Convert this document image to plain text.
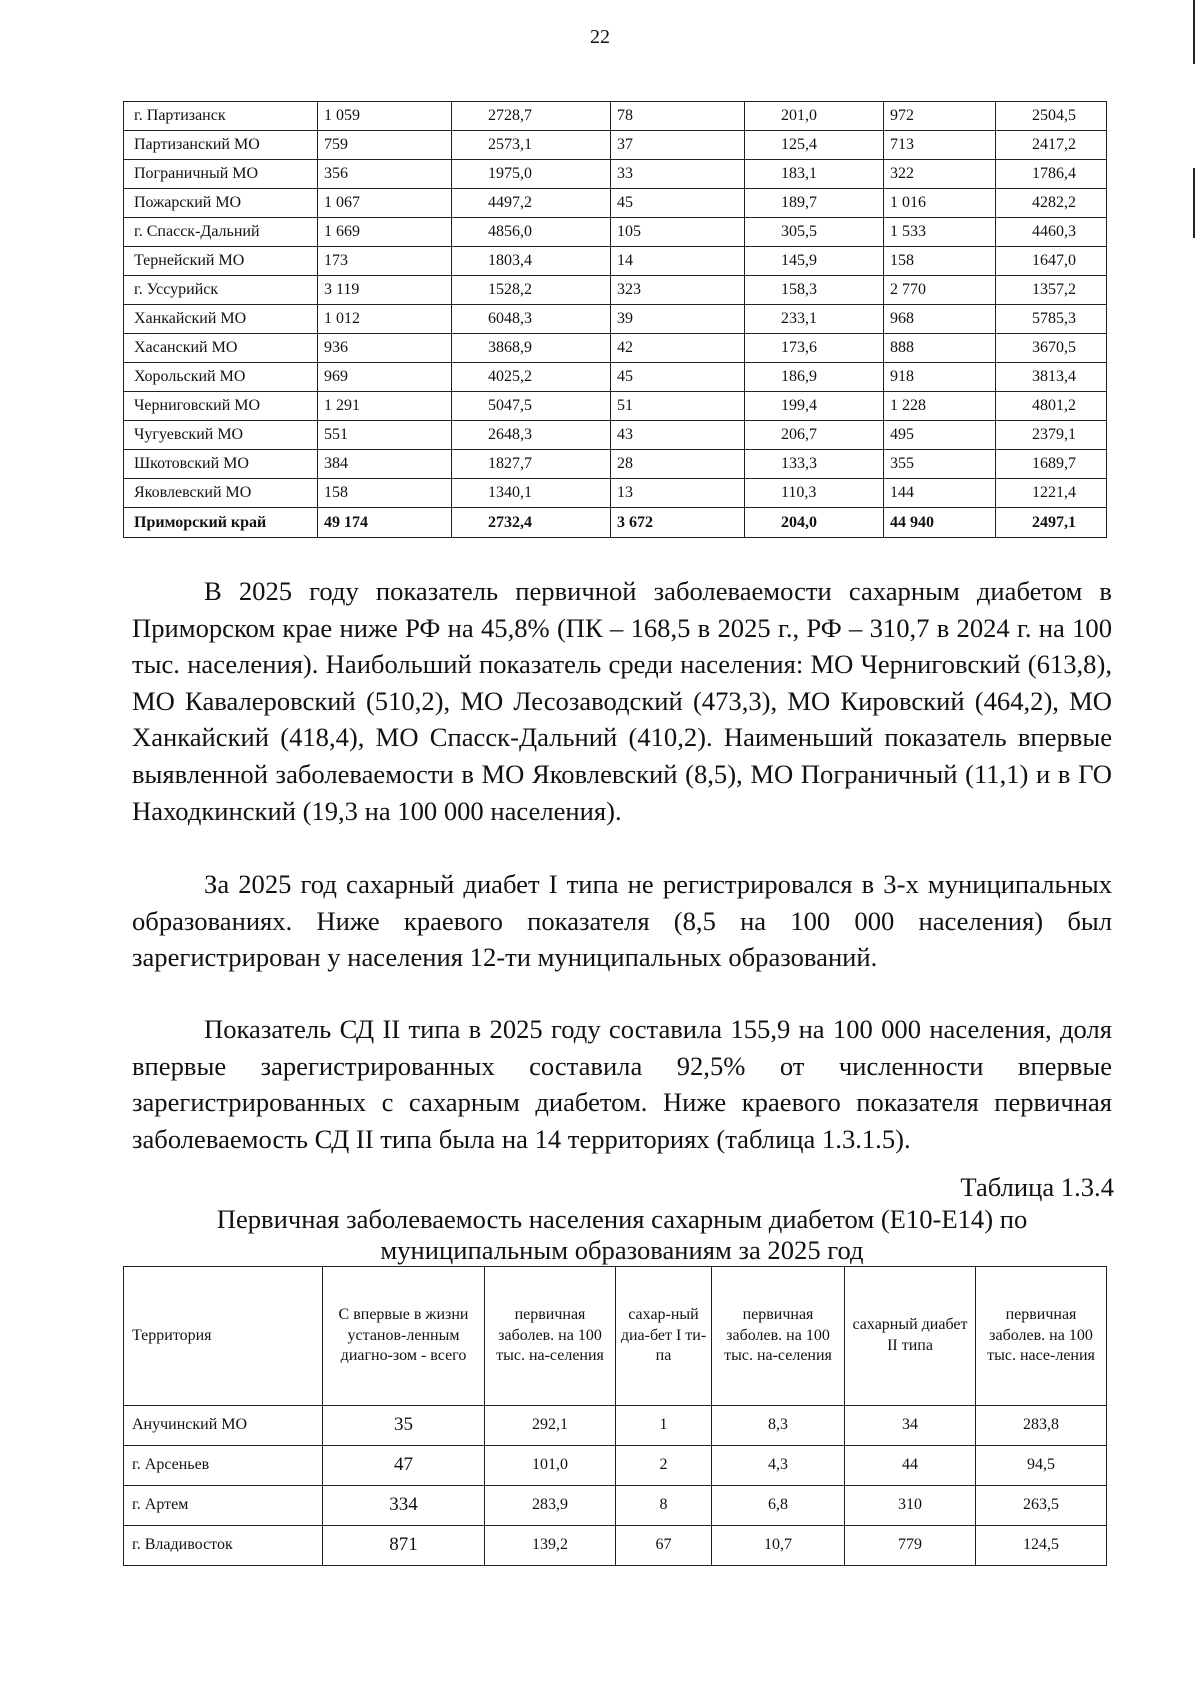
22
г. Партизанск	1 059	2728,7	78	201,0	972	2504,5
Партизанский МО	759	2573,1	37	125,4	713	2417,2
Пограничный МО	356	1975,0	33	183,1	322	1786,4
Пожарский МО	1 067	4497,2	45	189,7	1 016	4282,2
г. Спасск-Дальний	1 669	4856,0	105	305,5	1 533	4460,3
Тернейский МО	173	1803,4	14	145,9	158	1647,0
г. Уссурийск	3 119	1528,2	323	158,3	2 770	1357,2
Ханкайский МО	1 012	6048,3	39	233,1	968	5785,3
Хасанский МО	936	3868,9	42	173,6	888	3670,5
Хорольский МО	969	4025,2	45	186,9	918	3813,4
Черниговский МО	1 291	5047,5	51	199,4	1 228	4801,2
Чугуевский МО	551	2648,3	43	206,7	495	2379,1
Шкотовский МО	384	1827,7	28	133,3	355	1689,7
Яковлевский МО	158	1340,1	13	110,3	144	1221,4
Приморский край	49 174	2732,4	3 672	204,0	44 940	2497,1

В 2025 году показатель первичной заболеваемости сахарным диабетом в Приморском крае ниже РФ на 45,8% (ПК – 168,5 в 2025 г., РФ – 310,7 в 2024 г. на 100 тыс. населения). Наибольший показатель среди населения: МО Черниговский (613,8), МО Кавалеровский (510,2), МО Лесозаводский (473,3), МО Кировский (464,2), МО Ханкайский (418,4), МО Спасск-Дальний (410,2). Наименьший показатель впервые выявленной заболеваемости в МО Яковлевский (8,5), МО Пограничный (11,1) и в ГО Находкинский (19,3 на 100 000 населения).

За 2025 год сахарный диабет I типа не регистрировался в 3-х муниципальных образованиях. Ниже краевого показателя (8,5 на 100 000 населения) был зарегистрирован у населения 12-ти муниципальных образований.

Показатель СД II типа в 2025 году составила 155,9 на 100 000 населения, доля впервые зарегистрированных составила 92,5% от численности впервые зарегистрированных с сахарным диабетом. Ниже краевого показателя первичная заболеваемость СД II типа была на 14 территориях (таблица 1.3.1.5).

Таблица 1.3.4

Первичная заболеваемость населения сахарным диабетом (Е10-Е14) по муниципальным образованиям за 2025 год

Территория	С впервые в жизни установ-ленным диагно-зом - всего	первичная заболев. на 100 тыс. на-селения	сахар-ный диа-бет I ти-па	первичная заболев. на 100 тыс. на-селения	сахарный диабет II типа	первичная заболев. на 100 тыс. насе-ления
Анучинский МО	35	292,1	1	8,3	34	283,8
г. Арсеньев	47	101,0	2	4,3	44	94,5
г. Артем	334	283,9	8	6,8	310	263,5
г. Владивосток	871	139,2	67	10,7	779	124,5
